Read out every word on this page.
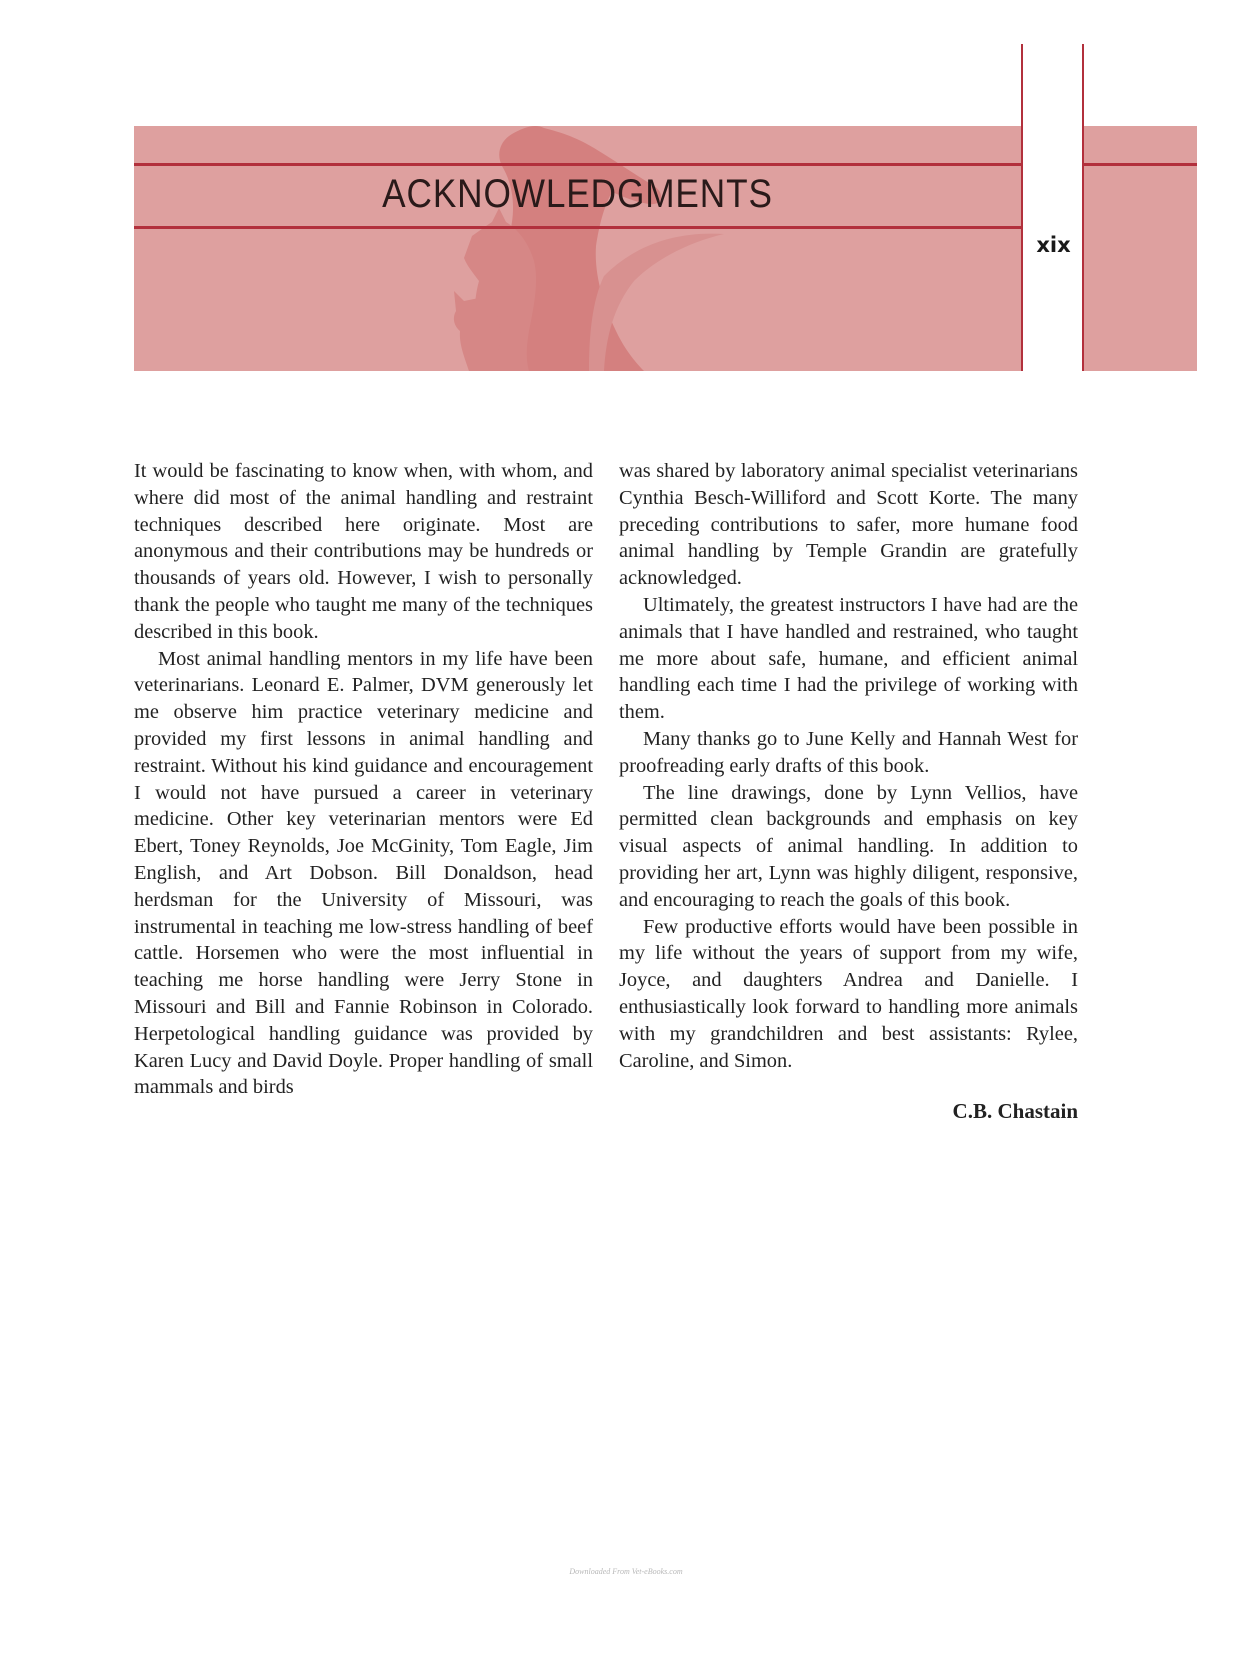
ACKNOWLEDGMENTS
xix

It would be fascinating to know when, with whom, and where did most of the animal handling and restraint techniques described here originate. Most are anonymous and their contributions may be hundreds or thousands of years old. However, I wish to personally thank the people who taught me many of the techniques described in this book.

Most animal handling mentors in my life have been veterinarians. Leonard E. Palmer, DVM generously let me observe him practice veterinary medicine and provided my first lessons in animal handling and restraint. Without his kind guidance and encouragement I would not have pursued a career in veterinary medicine. Other key veterinarian mentors were Ed Ebert, Toney Reynolds, Joe McGinity, Tom Eagle, Jim English, and Art Dobson. Bill Donaldson, head herdsman for the University of Missouri, was instrumental in teaching me low-stress handling of beef cattle. Horsemen who were the most influential in teaching me horse handling were Jerry Stone in Missouri and Bill and Fannie Robinson in Colorado. Herpetological handling guidance was provided by Karen Lucy and David Doyle. Proper handling of small mammals and birds

was shared by laboratory animal specialist veterinarians Cynthia Besch-Williford and Scott Korte. The many preceding contributions to safer, more humane food animal handling by Temple Grandin are gratefully acknowledged.

Ultimately, the greatest instructors I have had are the animals that I have handled and restrained, who taught me more about safe, humane, and efficient animal handling each time I had the privilege of working with them.

Many thanks go to June Kelly and Hannah West for proofreading early drafts of this book.

The line drawings, done by Lynn Vellios, have permitted clean backgrounds and emphasis on key visual aspects of animal handling. In addition to providing her art, Lynn was highly diligent, responsive, and encouraging to reach the goals of this book.

Few productive efforts would have been possible in my life without the years of support from my wife, Joyce, and daughters Andrea and Danielle. I enthusiastically look forward to handling more animals with my grandchildren and best assistants: Rylee, Caroline, and Simon.

C.B. Chastain
Downloaded From Vet-eBooks.com
